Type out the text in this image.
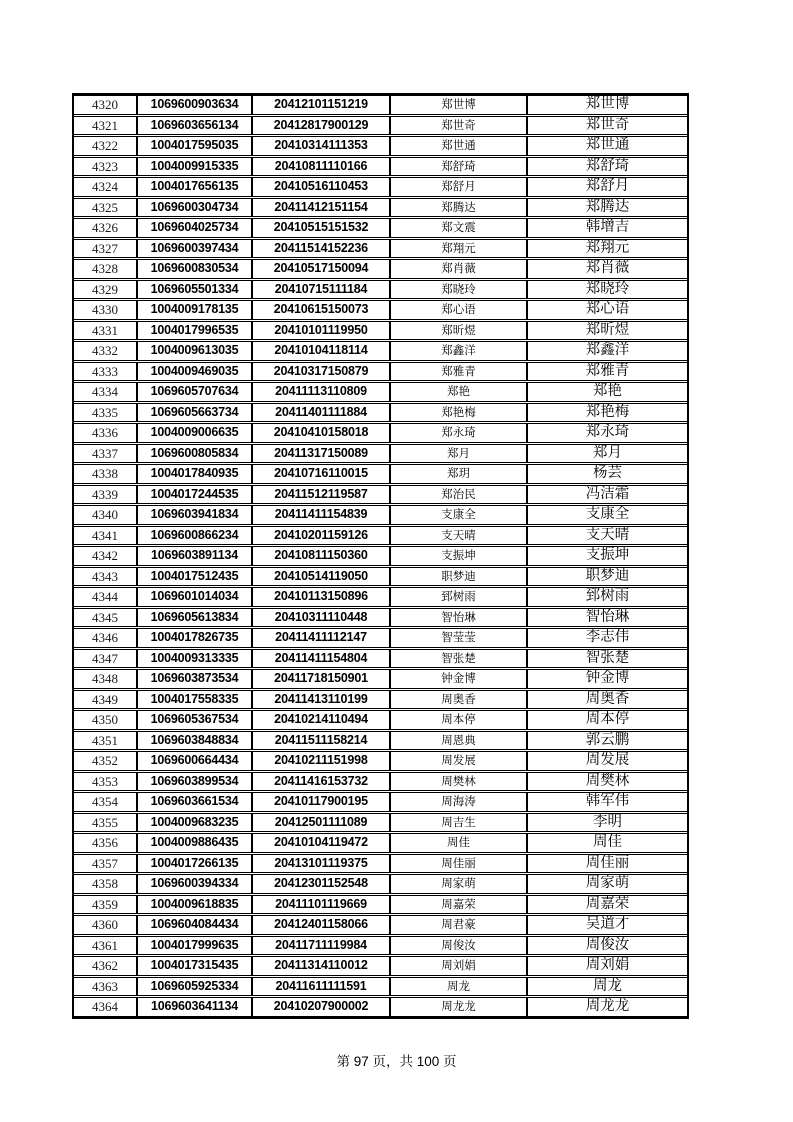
4320	1069600903634	20412101151219	郑世博	郑世博
4321	1069603656134	20412817900129	郑世奇	郑世奇
4322	1004017595035	20410314111353	郑世通	郑世通
4323	1004009915335	20410811110166	郑舒琦	郑舒琦
4324	1004017656135	20410516110453	郑舒月	郑舒月
4325	1069600304734	20411412151154	郑腾达	郑腾达
4326	1069604025734	20410515151532	郑文震	韩增吉
4327	1069600397434	20411514152236	郑翔元	郑翔元
4328	1069600830534	20410517150094	郑肖薇	郑肖薇
4329	1069605501334	20410715111184	郑晓玲	郑晓玲
4330	1004009178135	20410615150073	郑心语	郑心语
4331	1004017996535	20410101119950	郑昕煜	郑昕煜
4332	1004009613035	20410104118114	郑鑫洋	郑鑫洋
4333	1004009469035	20410317150879	郑雅青	郑雅青
4334	1069605707634	20411113110809	郑艳	郑艳
4335	1069605663734	20411401111884	郑艳梅	郑艳梅
4336	1004009006635	20410410158018	郑永琦	郑永琦
4337	1069600805834	20411317150089	郑月	郑月
4338	1004017840935	20410716110015	郑玥	杨芸
4339	1004017244535	20411512119587	郑治民	冯洁霜
4340	1069603941834	20411411154839	支康全	支康全
4341	1069600866234	20410201159126	支天晴	支天晴
4342	1069603891134	20410811150360	支振坤	支振坤
4343	1004017512435	20410514119050	职梦迪	职梦迪
4344	1069601014034	20410113150896	郅树雨	郅树雨
4345	1069605613834	20410311110448	智怡琳	智怡琳
4346	1004017826735	20411411112147	智莹莹	李志伟
4347	1004009313335	20411411154804	智张楚	智张楚
4348	1069603873534	20411718150901	钟金博	钟金博
4349	1004017558335	20411413110199	周奥香	周奥香
4350	1069605367534	20410214110494	周本停	周本停
4351	1069603848834	20411511158214	周恩典	郭云鹏
4352	1069600664434	20410211151998	周发展	周发展
4353	1069603899534	20411416153732	周樊林	周樊林
4354	1069603661534	20410117900195	周海涛	韩军伟
4355	1004009683235	20412501111089	周吉生	李明
4356	1004009886435	20410104119472	周佳	周佳
4357	1004017266135	20413101119375	周佳丽	周佳丽
4358	1069600394334	20412301152548	周家萌	周家萌
4359	1004009618835	20411101119669	周嘉荣	周嘉荣
4360	1069604084434	20412401158066	周君豪	吴道才
4361	1004017999635	20411711119984	周俊汝	周俊汝
4362	1004017315435	20411314110012	周刘娟	周刘娟
4363	1069605925334	20411611111591	周龙	周龙
4364	1069603641134	20410207900002	周龙龙	周龙龙
第 97 页，共 100 页
